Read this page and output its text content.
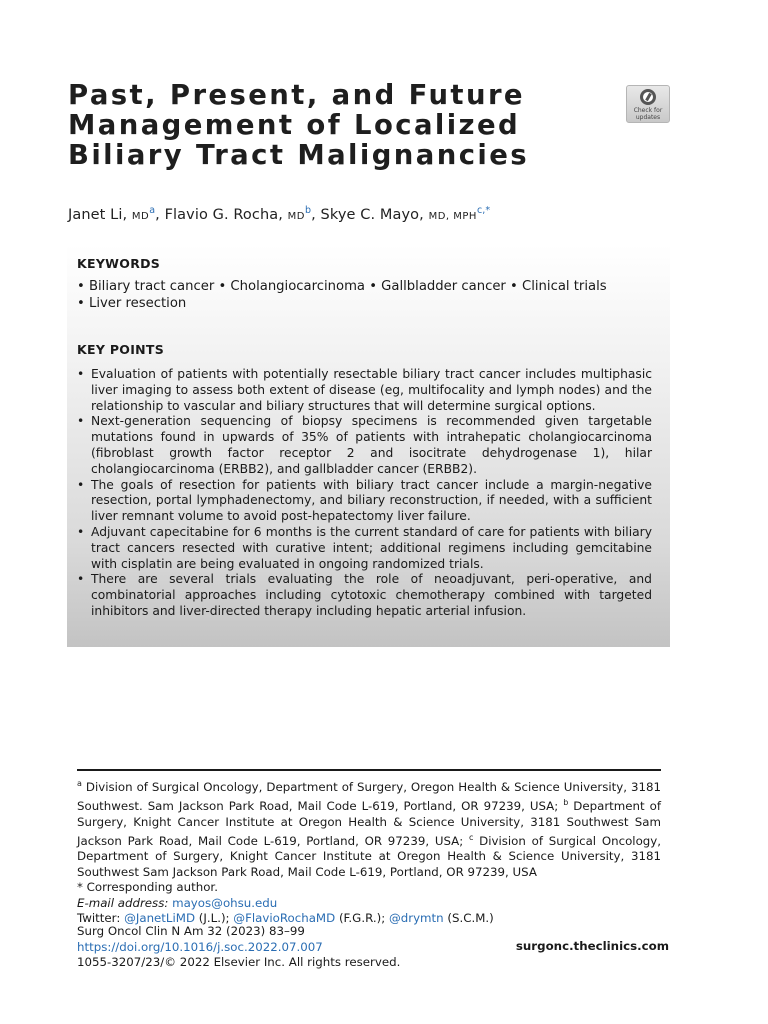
Past, Present, and Future
Management of Localized
Biliary Tract Malignancies
Check for
updates
Janet Li, $MD^a$, Flavio G. Rocha, $MD^b$, Skye C. Mayo, MD, $MPH^{c,*}$
KEYWORDS
• Biliary tract cancer • Cholangiocarcinoma • Gallbladder cancer • Clinical trials
• Liver resection
KEY POINTS
• Evaluation of patients with potentially resectable biliary tract cancer includes multiphasic liver imaging to assess both extent of disease (eg, multifocality and lymph nodes) and the relationship to vascular and biliary structures that will determine surgical options.
• Next-generation sequencing of biopsy specimens is recommended given targetable mutations found in upwards of 35% of patients with intrahepatic cholangiocarcinoma (fibroblast growth factor receptor 2 and isocitrate dehydrogenase 1), hilar cholangiocarcinoma (ERBB2), and gallbladder cancer (ERBB2).
• The goals of resection for patients with biliary tract cancer include a margin-negative resection, portal lymphadenectomy, and biliary reconstruction, if needed, with a sufficient liver remnant volume to avoid post-hepatectomy liver failure.
• Adjuvant capecitabine for 6 months is the current standard of care for patients with biliary tract cancers resected with curative intent; additional regimens including gemcitabine with cisplatin are being evaluated in ongoing randomized trials.
• There are several trials evaluating the role of neoadjuvant, peri-operative, and combinatorial approaches including cytotoxic chemotherapy combined with targeted inhibitors and liver-directed therapy including hepatic arterial infusion.
$^a$ Division of Surgical Oncology, Department of Surgery, Oregon Health & Science University, 3181 Southwest. Sam Jackson Park Road, Mail Code L-619, Portland, OR 97239, USA; $^b$ Department of Surgery, Knight Cancer Institute at Oregon Health & Science University, 3181 Southwest Sam Jackson Park Road, Mail Code L-619, Portland, OR 97239, USA; $^c$ Division of Surgical Oncology, Department of Surgery, Knight Cancer Institute at Oregon Health & Science University, 3181 Southwest Sam Jackson Park Road, Mail Code L-619, Portland, OR 97239, USA
* Corresponding author.
E-mail address: mayos@ohsu.edu
Twitter: @JanetLiMD (J.L.); @FlavioRochaMD (F.G.R.); @drymtn (S.C.M.)
Surg Oncol Clin N Am 32 (2023) 83–99
https://doi.org/10.1016/j.soc.2022.07.007
1055-3207/23/© 2022 Elsevier Inc. All rights reserved.
surgonc.theclinics.com
